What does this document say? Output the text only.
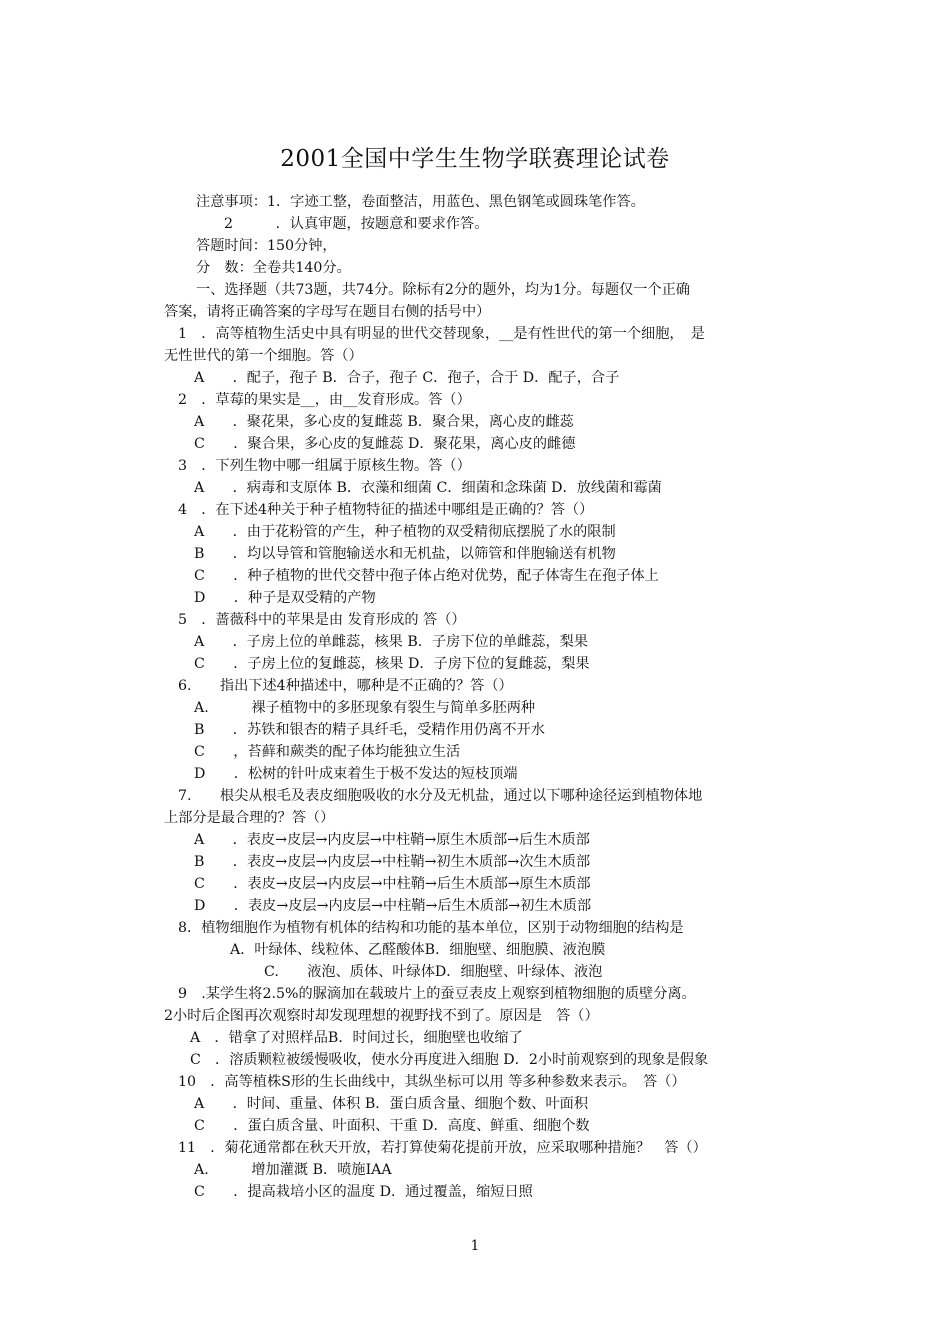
2001全国中学生生物学联赛理论试卷
注意事项：1．字迹工整，卷面整洁，用蓝色、黑色钢笔或圆珠笔作答。
2　　　．认真审题，按题意和要求作答。
答题时间：150分钟，
分　数：全卷共140分。
一、选择题（共73题，共74分。除标有2分的题外，均为1分。每题仅一个正确
答案，请将正确答案的字母写在题目右侧的括号中）
1　．高等植物生活史中具有明显的世代交替现象，__是有性世代的第一个细胞，　是
无性世代的第一个细胞。答（）
A　　．配子，孢子 B．合子，孢子 C．孢子，合于 D．配子，合子
2　．草莓的果实是__，由__发育形成。答（）
A　　．聚花果，多心皮的复雌蕊 B．聚合果，离心皮的雌蕊
C　　．聚合果，多心皮的复雌蕊 D．聚花果，离心皮的雌德
3　．下列生物中哪一组属于原核生物。答（）
A　　．病毒和支原体 B．衣藻和细菌 C．细菌和念珠菌 D．放线菌和霉菌
4　．在下述4种关于种子植物特征的描述中哪组是正确的？答（）
A　　．由于花粉管的产生，种子植物的双受精彻底摆脱了水的限制
B　　．均以导管和管胞输送水和无机盐，以筛管和伴胞输送有机物
C　　．种子植物的世代交替中孢子体占绝对优势，配子体寄生在孢子体上
D　　．种子是双受精的产物
5　．蔷薇科中的苹果是由 发育形成的 答（）
A　　．子房上位的单雌蕊，核果 B．子房下位的单雌蕊，梨果
C　　．子房上位的复雌蕊，核果 D．子房下位的复雌蕊，梨果
6.　　指出下述4种描述中，哪种是不正确的？答（）
A.　　　裸子植物中的多胚现象有裂生与简单多胚两种
B　　．苏铁和银杏的精子具纤毛，受精作用仍离不开水
C　　，苔藓和蕨类的配子体均能独立生活
D　　．松树的针叶成束着生于极不发达的短枝顶端
7.　　根尖从根毛及表皮细胞吸收的水分及无机盐，通过以下哪种途径运到植物体地
上部分是最合理的？答（）
A　　．表皮→皮层→内皮层→中柱鞘→原生木质部→后生木质部
B　　．表皮→皮层→内皮层→中柱鞘→初生木质部→次生木质部
C　　．表皮→皮层→内皮层→中柱鞘→后生木质部→原生木质部
D　　．表皮→皮层→内皮层→中柱鞘→后生木质部→初生木质部
8．植物细胞作为植物有机体的结构和功能的基本单位，区别于动物细胞的结构是
A．叶绿体、线粒体、乙醛酸体B．细胞壁、细胞膜、液泡膜
C.　　液泡、质体、叶绿体D．细胞壁、叶绿体、液泡
9　.某学生将2.5%的脲滴加在载玻片上的蚕豆表皮上观察到植物细胞的质壁分离。
2小时后企图再次观察时却发现理想的视野找不到了。原因是　答（）
A　．错拿了对照样品B．时间过长，细胞壁也收缩了
C　．溶质颗粒被缓慢吸收，使水分再度进入细胞 D．2小时前观察到的现象是假象
10　．高等植株S形的生长曲线中，其纵坐标可以用 等多种参数来表示。　答（）
A　　．时间、重量、体积 B．蛋白质含量、细胞个数、叶面积
C　　．蛋白质含量、叶面积、干重 D．高度、鲜重、细胞个数
11　．菊花通常都在秋天开放，若打算使菊花提前开放，应采取哪种措施？　答（）
A.　　　增加灌溉 B．喷施IAA
C　　．提高栽培小区的温度 D．通过覆盖，缩短日照
1
